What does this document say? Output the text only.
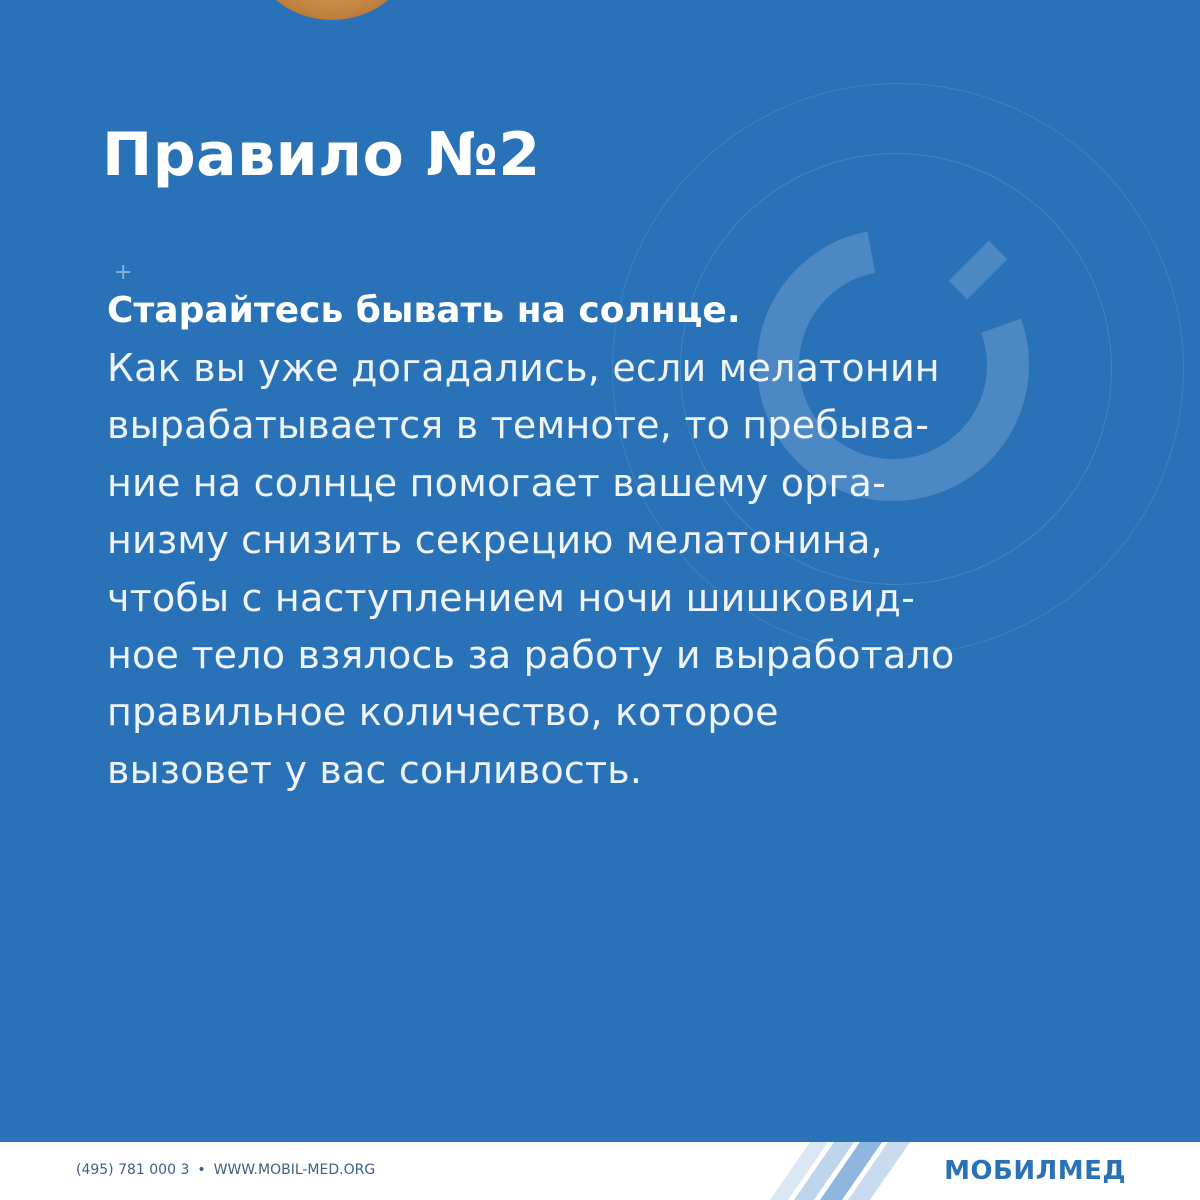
+
Правило №2

Старайтесь бывать на солнце.

Как вы уже догадались, если мелатонин

вырабатывается в темноте, то пребыва-

ние на солнце помогает вашему орга-

низму снизить секрецию мелатонина,

чтобы с наступлением ночи шишковид-

ное тело взялось за работу и выработало

правильное количество, которое

вызовет у вас сонливость.

(495) 781 000 3 • WWW.MOBIL-MED.ORG	МОБИЛМЕД
